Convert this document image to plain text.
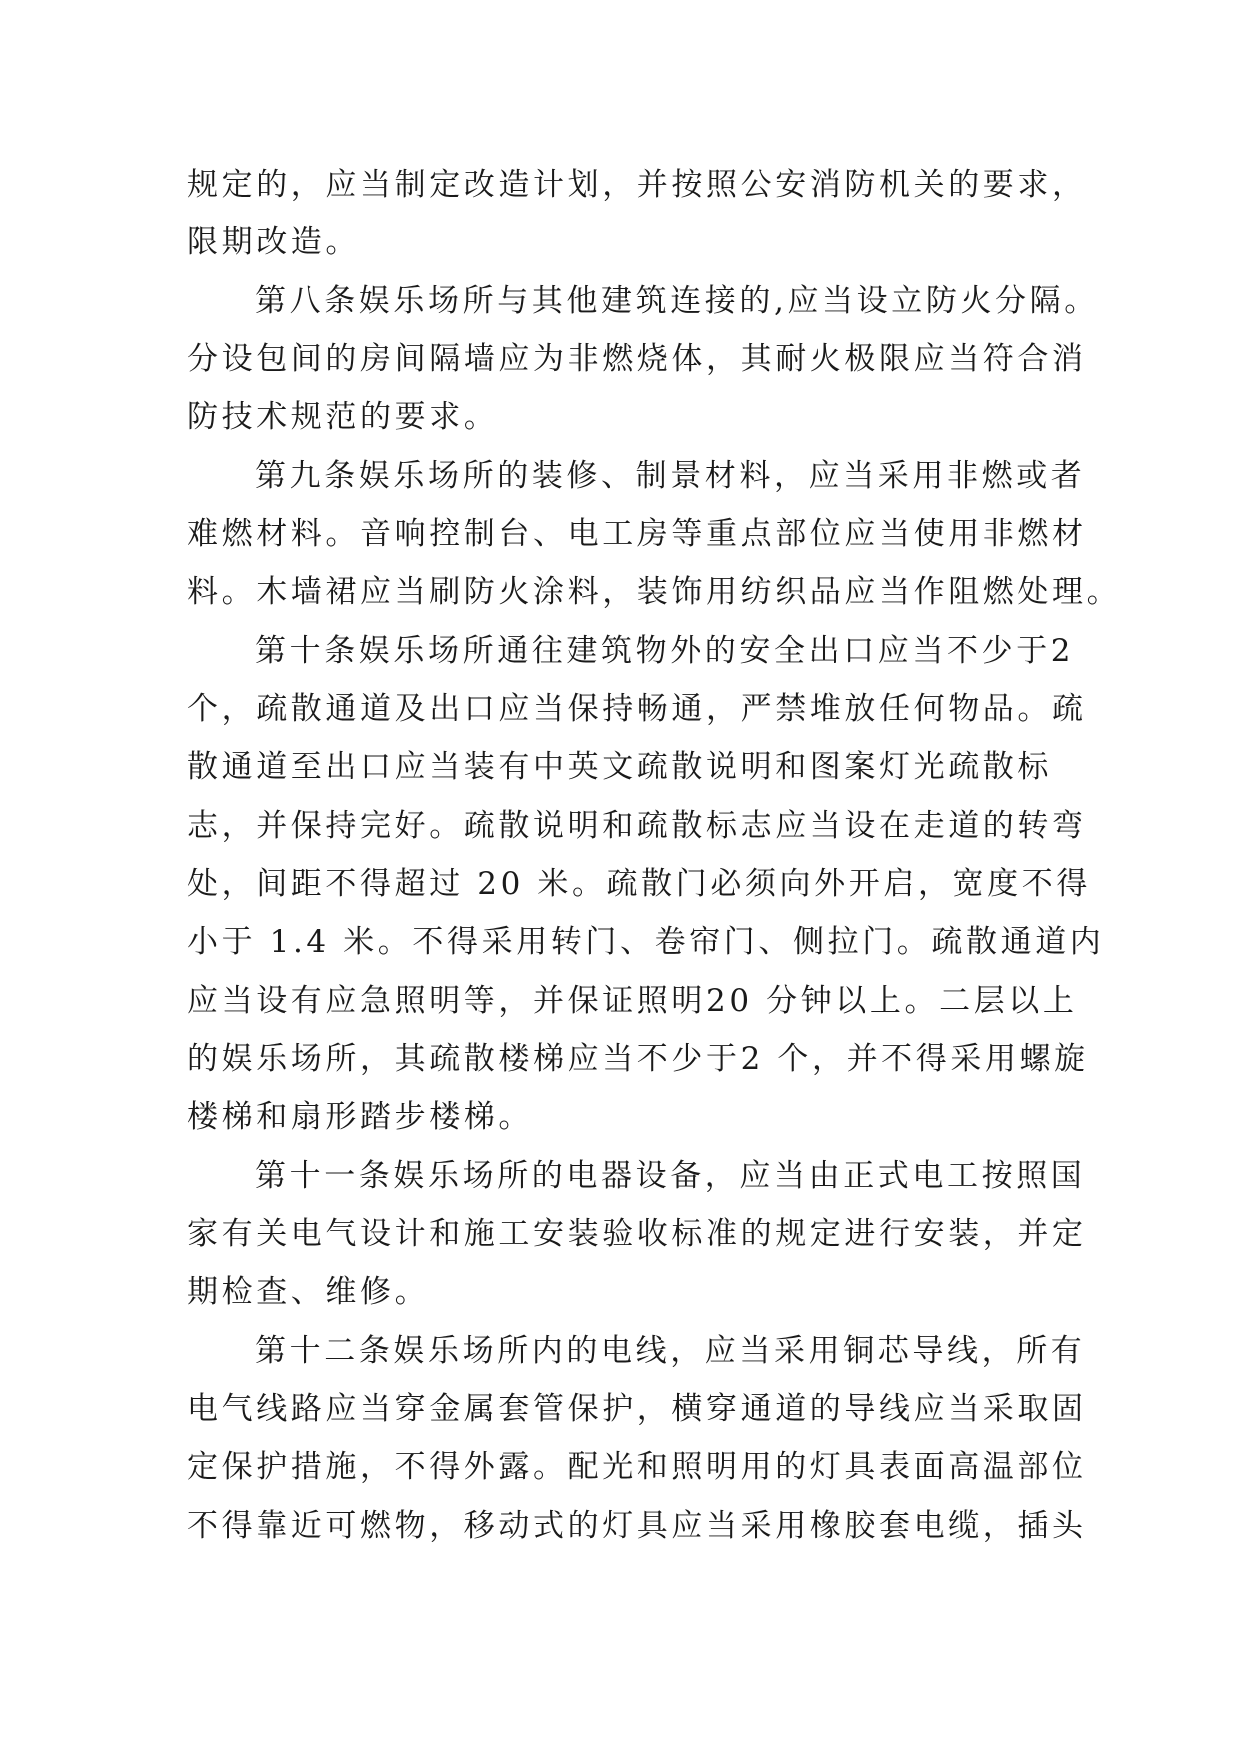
规定的，应当制定改造计划，并按照公安消防机关的要求，
限期改造。
第八条娱乐场所与其他建筑连接的,应当设立防火分隔。
分设包间的房间隔墙应为非燃烧体，其耐火极限应当符合消
防技术规范的要求。
第九条娱乐场所的装修、制景材料，应当采用非燃或者
难燃材料。音响控制台、电工房等重点部位应当使用非燃材
料。木墙裙应当刷防火涂料，装饰用纺织品应当作阻燃处理。
第十条娱乐场所通往建筑物外的安全出口应当不少于2
个，疏散通道及出口应当保持畅通，严禁堆放任何物品。疏
散通道至出口应当装有中英文疏散说明和图案灯光疏散标
志，并保持完好。疏散说明和疏散标志应当设在走道的转弯
处，间距不得超过 20 米。疏散门必须向外开启，宽度不得
小于 1.4 米。不得采用转门、卷帘门、侧拉门。疏散通道内
应当设有应急照明等，并保证照明20 分钟以上。二层以上
的娱乐场所，其疏散楼梯应当不少于2 个，并不得采用螺旋
楼梯和扇形踏步楼梯。
第十一条娱乐场所的电器设备，应当由正式电工按照国
家有关电气设计和施工安装验收标准的规定进行安装，并定
期检查、维修。
第十二条娱乐场所内的电线，应当采用铜芯导线，所有
电气线路应当穿金属套管保护，横穿通道的导线应当采取固
定保护措施，不得外露。配光和照明用的灯具表面高温部位
不得靠近可燃物，移动式的灯具应当采用橡胶套电缆，插头
